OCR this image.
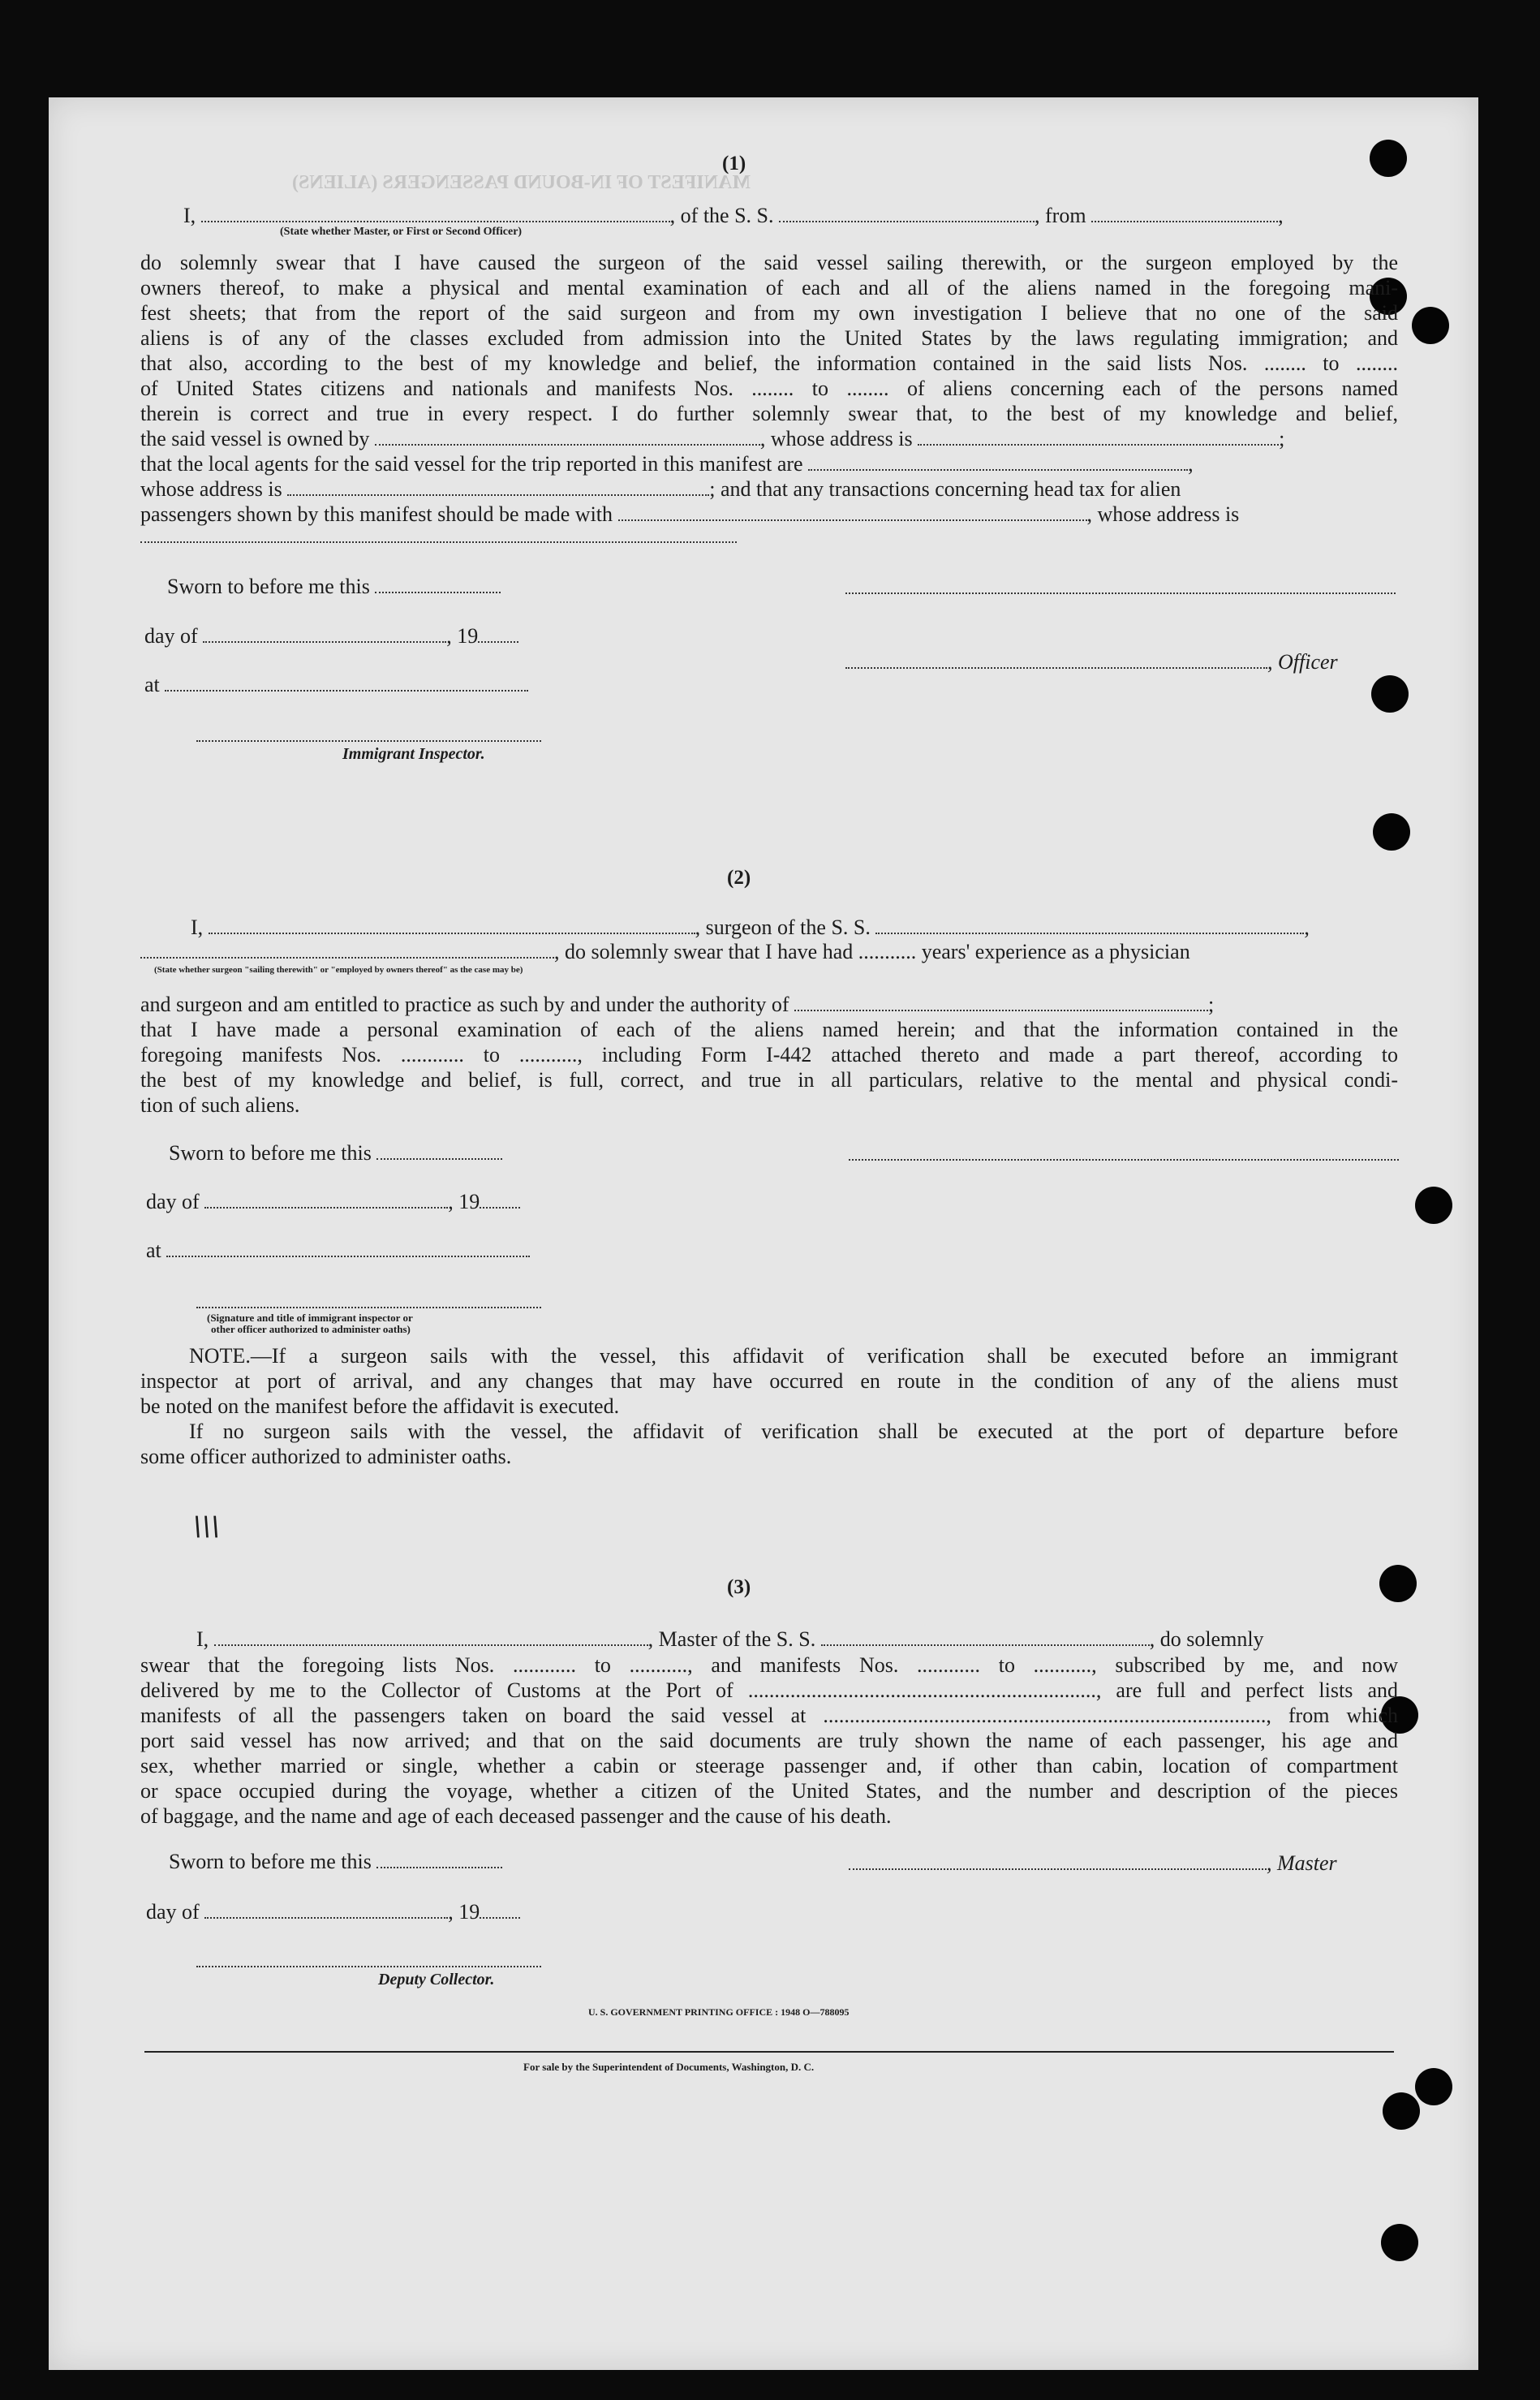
MANIFEST OF IN-BOUND PASSENGERS (ALIENS)
(1)
I,	, of the S. S.	, from	,
(State whether Master, or First or Second Officer)
do solemnly swear that I have caused the surgeon of the said vessel sailing therewith, or the surgeon employed by the
owners thereof, to make a physical and mental examination of each and all of the aliens named in the foregoing mani-
fest sheets; that from the report of the said surgeon and from my own investigation I believe that no one of the said
aliens is of any of the classes excluded from admission into the United States by the laws regulating immigration; and
that also, according to the best of my knowledge and belief, the information contained in the said lists Nos. ........ to ........
of United States citizens and nationals and manifests Nos. ........ to ........ of aliens concerning each of the persons named
therein is correct and true in every respect. I do further solemnly swear that, to the best of my knowledge and belief,
the said vessel is owned by	, whose address is	;
that the local agents for the said vessel for the trip reported in this manifest are	,
whose address is	; and that any transactions concerning head tax for alien
passengers shown by this manifest should be made with	, whose address is
Sworn to before me this
day of	, 19
, Officer
at
Immigrant Inspector.
(2)
I,	, surgeon of the S. S.	,
, do solemnly swear that I have had ........... years' experience as a physician
(State whether surgeon "sailing therewith" or "employed by owners thereof" as the case may be)
and surgeon and am entitled to practice as such by and under the authority of	;
that I have made a personal examination of each of the aliens named herein; and that the information contained in the
foregoing manifests Nos. ............ to ..........., including Form I-442 attached thereto and made a part thereof, according to
the best of my knowledge and belief, is full, correct, and true in all particulars, relative to the mental and physical condi-
tion of such aliens.
Sworn to before me this
day of	, 19
at
(Signature and title of immigrant inspector or
other officer authorized to administer oaths)
NOTE.—If a surgeon sails with the vessel, this affidavit of verification shall be executed before an immigrant
inspector at port of arrival, and any changes that may have occurred en route in the condition of any of the aliens must
be noted on the manifest before the affidavit is executed.
If no surgeon sails with the vessel, the affidavit of verification shall be executed at the port of departure before
some officer authorized to administer oaths.
\\\
(3)
I,	, Master of the S. S.	, do solemnly
swear that the foregoing lists Nos. ............ to ..........., and manifests Nos. ............ to ..........., subscribed by me, and now
delivered by me to the Collector of Customs at the Port of .................................................................., are full and perfect lists and
manifests of all the passengers taken on board the said vessel at ...................................................................................., from which
port said vessel has now arrived; and that on the said documents are truly shown the name of each passenger, his age and
sex, whether married or single, whether a cabin or steerage passenger and, if other than cabin, location of compartment
or space occupied during the voyage, whether a citizen of the United States, and the number and description of the pieces
of baggage, and the name and age of each deceased passenger and the cause of his death.
Sworn to before me this	, Master
day of	, 19
Deputy Collector.
U. S. GOVERNMENT PRINTING OFFICE : 1948 O—788095
For sale by the Superintendent of Documents, Washington, D. C.
